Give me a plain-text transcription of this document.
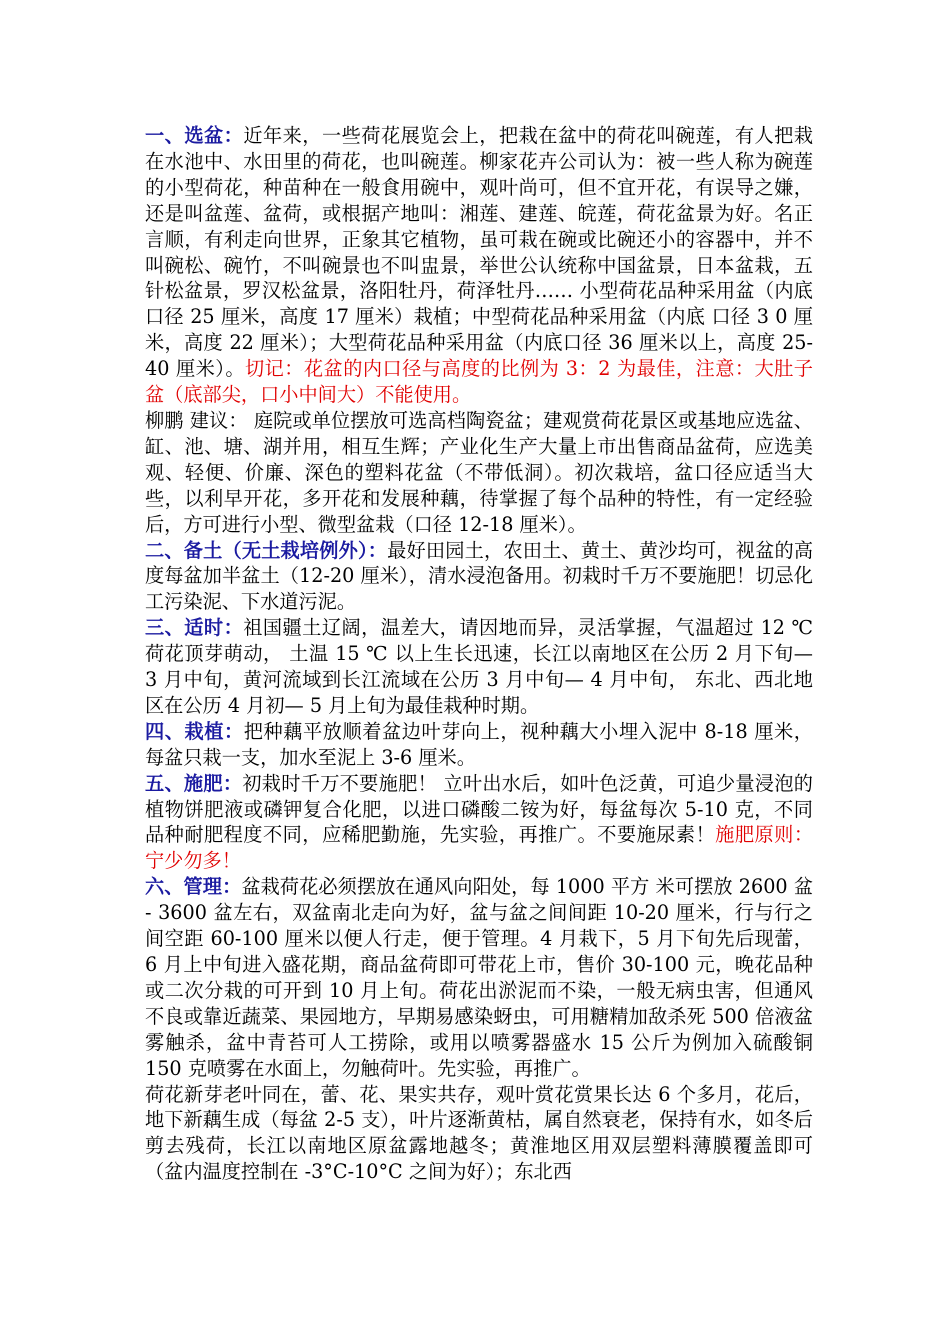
一、选盆：近年来，一些荷花展览会上，把栽在盆中的荷花叫碗莲，有人把栽在水池中、水田里的荷花，也叫碗莲。柳家花卉公司认为：被一些人称为碗莲的小型荷花，种苗种在一般食用碗中，观叶尚可，但不宜开花，有误导之嫌，还是叫盆莲、盆荷，或根据产地叫：湘莲、建莲、皖莲，荷花盆景为好。名正言顺，有利走向世界，正象其它植物，虽可栽在碗或比碗还小的容器中，并不叫碗松、碗竹，不叫碗景也不叫盅景，举世公认统称中国盆景，日本盆栽，五针松盆景，罗汉松盆景，洛阳牡丹，荷泽牡丹…… 小型荷花品种采用盆（内底口径 25 厘米，高度 17 厘米）栽植；中型荷花品种采用盆（内底 口径 3 0 厘米，高度 22 厘米）；大型荷花品种采用盆（内底口径 36 厘米以上，高度 25-40 厘米）。切记：花盆的内口径与高度的比例为 3：2 为最佳，注意：大肚子盆（底部尖，口小中间大）不能使用。

柳鹏 建议： 庭院或单位摆放可选高档陶瓷盆；建观赏荷花景区或基地应选盆、缸、池、塘、湖并用，相互生辉；产业化生产大量上市出售商品盆荷，应选美观、轻便、价廉、深色的塑料花盆（不带低洞）。初次栽培，盆口径应适当大些，以利早开花，多开花和发展种藕，待掌握了每个品种的特性，有一定经验后，方可进行小型、微型盆栽（口径 12-18 厘米）。

二、备土（无土栽培例外）：最好田园土，农田土、黄土、黄沙均可，视盆的高度每盆加半盆土（12-20 厘米），清水浸泡备用。初栽时千万不要施肥！切忌化工污染泥、下水道污泥。

三、适时：祖国疆土辽阔，温差大，请因地而异，灵活掌握，气温超过 12 ℃ 荷花顶芽萌动， 土温 15 ℃ 以上生长迅速，长江以南地区在公历 2 月下旬— 3 月中旬，黄河流域到长江流域在公历 3 月中旬— 4 月中旬， 东北、西北地区在公历 4 月初— 5 月上旬为最佳栽种时期。

四、栽植：把种藕平放顺着盆边叶芽向上，视种藕大小埋入泥中 8-18 厘米，每盆只栽一支，加水至泥上 3-6 厘米。

五、施肥：初栽时千万不要施肥！ 立叶出水后，如叶色泛黄，可追少量浸泡的植物饼肥液或磷钾复合化肥，以进口磷酸二铵为好，每盆每次 5-10 克，不同品种耐肥程度不同，应稀肥勤施，先实验，再推广。不要施尿素！施肥原则： 宁少勿多！

六、管理：盆栽荷花必须摆放在通风向阳处，每 1000 平方 米可摆放 2600 盆 - 3600 盆左右，双盆南北走向为好，盆与盆之间间距 10-20 厘米，行与行之间空距 60-100 厘米以便人行走，便于管理。4 月栽下，5 月下旬先后现蕾， 6 月上中旬进入盛花期，商品盆荷即可带花上市，售价 30-100 元，晚花品种或二次分栽的可开到 10 月上旬。荷花出淤泥而不染，一般无病虫害，但通风不良或靠近蔬菜、果园地方，早期易感染蚜虫，可用糖精加敌杀死 500 倍液盆雾触杀，盆中青苔可人工捞除，或用以喷雾器盛水 15 公斤为例加入硫酸铜 150 克喷雾在水面上，勿触荷叶。先实验，再推广。

荷花新芽老叶同在，蕾、花、果实共存，观叶赏花赏果长达 6 个多月，花后，地下新藕生成（每盆 2-5 支），叶片逐渐黄枯，属自然衰老，保持有水，如冬后剪去残荷，长江以南地区原盆露地越冬；黄淮地区用双层塑料薄膜覆盖即可（盆内温度控制在 -3°C-10°C 之间为好）；东北西
